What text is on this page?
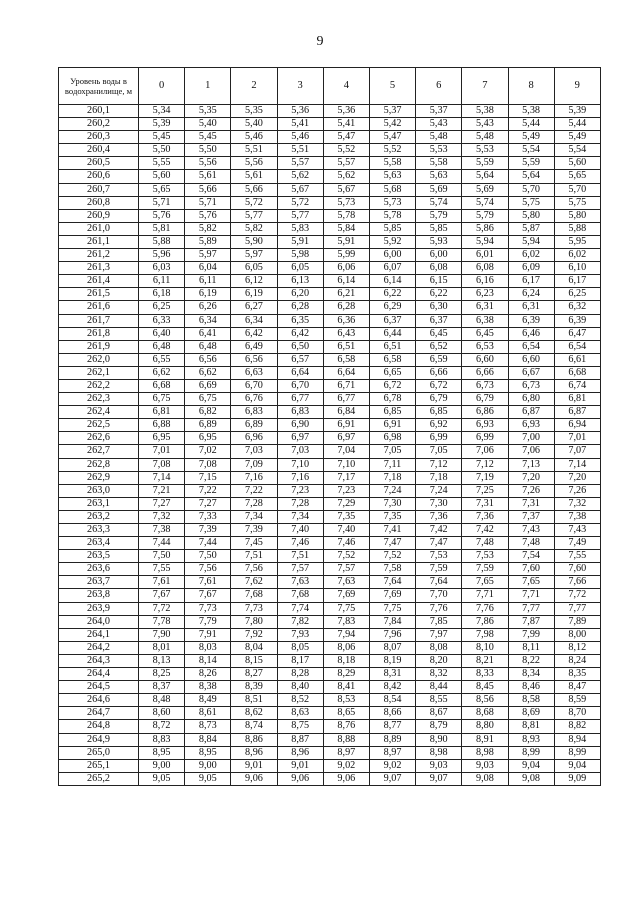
9
Уровень воды в водохранилище, м	0	1	2	3	4	5	6	7	8	9
260,1	5,34	5,35	5,35	5,36	5,36	5,37	5,37	5,38	5,38	5,39
260,2	5,39	5,40	5,40	5,41	5,41	5,42	5,43	5,43	5,44	5,44
260,3	5,45	5,45	5,46	5,46	5,47	5,47	5,48	5,48	5,49	5,49
260,4	5,50	5,50	5,51	5,51	5,52	5,52	5,53	5,53	5,54	5,54
260,5	5,55	5,56	5,56	5,57	5,57	5,58	5,58	5,59	5,59	5,60
260,6	5,60	5,61	5,61	5,62	5,62	5,63	5,63	5,64	5,64	5,65
260,7	5,65	5,66	5,66	5,67	5,67	5,68	5,69	5,69	5,70	5,70
260,8	5,71	5,71	5,72	5,72	5,73	5,73	5,74	5,74	5,75	5,75
260,9	5,76	5,76	5,77	5,77	5,78	5,78	5,79	5,79	5,80	5,80
261,0	5,81	5,82	5,82	5,83	5,84	5,85	5,85	5,86	5,87	5,88
261,1	5,88	5,89	5,90	5,91	5,91	5,92	5,93	5,94	5,94	5,95
261,2	5,96	5,97	5,97	5,98	5,99	6,00	6,00	6,01	6,02	6,02
261,3	6,03	6,04	6,05	6,05	6,06	6,07	6,08	6,08	6,09	6,10
261,4	6,11	6,11	6,12	6,13	6,14	6,14	6,15	6,16	6,17	6,17
261,5	6,18	6,19	6,19	6,20	6,21	6,22	6,22	6,23	6,24	6,25
261,6	6,25	6,26	6,27	6,28	6,28	6,29	6,30	6,31	6,31	6,32
261,7	6,33	6,34	6,34	6,35	6,36	6,37	6,37	6,38	6,39	6,39
261,8	6,40	6,41	6,42	6,42	6,43	6,44	6,45	6,45	6,46	6,47
261,9	6,48	6,48	6,49	6,50	6,51	6,51	6,52	6,53	6,54	6,54
262,0	6,55	6,56	6,56	6,57	6,58	6,58	6,59	6,60	6,60	6,61
262,1	6,62	6,62	6,63	6,64	6,64	6,65	6,66	6,66	6,67	6,68
262,2	6,68	6,69	6,70	6,70	6,71	6,72	6,72	6,73	6,73	6,74
262,3	6,75	6,75	6,76	6,77	6,77	6,78	6,79	6,79	6,80	6,81
262,4	6,81	6,82	6,83	6,83	6,84	6,85	6,85	6,86	6,87	6,87
262,5	6,88	6,89	6,89	6,90	6,91	6,91	6,92	6,93	6,93	6,94
262,6	6,95	6,95	6,96	6,97	6,97	6,98	6,99	6,99	7,00	7,01
262,7	7,01	7,02	7,03	7,03	7,04	7,05	7,05	7,06	7,06	7,07
262,8	7,08	7,08	7,09	7,10	7,10	7,11	7,12	7,12	7,13	7,14
262,9	7,14	7,15	7,16	7,16	7,17	7,18	7,18	7,19	7,20	7,20
263,0	7,21	7,22	7,22	7,23	7,23	7,24	7,24	7,25	7,26	7,26
263,1	7,27	7,27	7,28	7,28	7,29	7,30	7,30	7,31	7,31	7,32
263,2	7,32	7,33	7,34	7,34	7,35	7,35	7,36	7,36	7,37	7,38
263,3	7,38	7,39	7,39	7,40	7,40	7,41	7,42	7,42	7,43	7,43
263,4	7,44	7,44	7,45	7,46	7,46	7,47	7,47	7,48	7,48	7,49
263,5	7,50	7,50	7,51	7,51	7,52	7,52	7,53	7,53	7,54	7,55
263,6	7,55	7,56	7,56	7,57	7,57	7,58	7,59	7,59	7,60	7,60
263,7	7,61	7,61	7,62	7,63	7,63	7,64	7,64	7,65	7,65	7,66
263,8	7,67	7,67	7,68	7,68	7,69	7,69	7,70	7,71	7,71	7,72
263,9	7,72	7,73	7,73	7,74	7,75	7,75	7,76	7,76	7,77	7,77
264,0	7,78	7,79	7,80	7,82	7,83	7,84	7,85	7,86	7,87	7,89
264,1	7,90	7,91	7,92	7,93	7,94	7,96	7,97	7,98	7,99	8,00
264,2	8,01	8,03	8,04	8,05	8,06	8,07	8,08	8,10	8,11	8,12
264,3	8,13	8,14	8,15	8,17	8,18	8,19	8,20	8,21	8,22	8,24
264,4	8,25	8,26	8,27	8,28	8,29	8,31	8,32	8,33	8,34	8,35
264,5	8,37	8,38	8,39	8,40	8,41	8,42	8,44	8,45	8,46	8,47
264,6	8,48	8,49	8,51	8,52	8,53	8,54	8,55	8,56	8,58	8,59
264,7	8,60	8,61	8,62	8,63	8,65	8,66	8,67	8,68	8,69	8,70
264,8	8,72	8,73	8,74	8,75	8,76	8,77	8,79	8,80	8,81	8,82
264,9	8,83	8,84	8,86	8,87	8,88	8,89	8,90	8,91	8,93	8,94
265,0	8,95	8,95	8,96	8,96	8,97	8,97	8,98	8,98	8,99	8,99
265,1	9,00	9,00	9,01	9,01	9,02	9,02	9,03	9,03	9,04	9,04
265,2	9,05	9,05	9,06	9,06	9,06	9,07	9,07	9,08	9,08	9,09
